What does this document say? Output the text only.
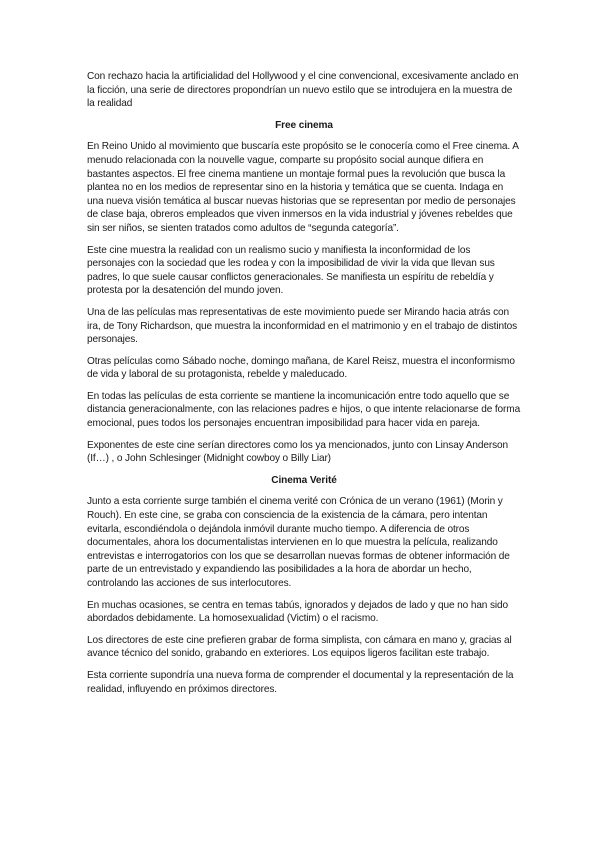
Con rechazo hacia la artificialidad del Hollywood y el cine convencional, excesivamente anclado en la ficción, una serie de directores propondrían un nuevo estilo que se introdujera en la muestra de la realidad

Free cinema

En Reino Unido al movimiento que buscaría este propósito se le conocería como el Free cinema. A menudo relacionada con la nouvelle vague, comparte su propósito social aunque difiera en bastantes aspectos. El free cinema mantiene un montaje formal pues la revolución que busca la plantea no en los medios de representar sino en la historia y temática que se cuenta. Indaga en una nueva visión temática al buscar nuevas historias que se representan por medio de personajes de clase baja, obreros empleados que viven inmersos en la vida industrial y jóvenes rebeldes que sin ser niños, se sienten tratados como adultos de “segunda categoría”.

Este cine muestra la realidad con un realismo sucio y manifiesta la inconformidad de los personajes con la sociedad que les rodea y con la imposibilidad de vivir la vida que llevan sus padres, lo que suele causar conflictos generacionales. Se manifiesta un espíritu de rebeldía y protesta por la desatención del mundo joven.

Una de las películas mas representativas de este movimiento puede ser Mirando hacia atrás con ira, de Tony Richardson, que muestra la inconformidad en el matrimonio y en el trabajo de distintos personajes.

Otras películas como Sábado noche, domingo mañana, de Karel Reisz, muestra el inconformismo de vida y laboral de su protagonista, rebelde y maleducado.

En todas las películas de esta corriente se mantiene la incomunicación entre todo aquello que se distancia generacionalmente, con las relaciones padres e hijos, o que intente relacionarse de forma emocional, pues todos los personajes encuentran imposibilidad para hacer vida en pareja.

Exponentes de este cine serían directores como los ya mencionados, junto con Linsay Anderson (If…) , o John Schlesinger (Midnight cowboy o Billy Liar)

Cinema Verité

Junto a esta corriente surge también el cinema verité con Crónica de un verano (1961) (Morin y Rouch). En este cine, se graba con consciencia de la existencia de la cámara, pero intentan evitarla, escondiéndola o dejándola inmóvil durante mucho tiempo. A diferencia de otros documentales, ahora los documentalistas intervienen en lo que muestra la película, realizando entrevistas e interrogatorios con los que se desarrollan nuevas formas de obtener información de parte de un entrevistado y expandiendo las posibilidades a la hora de abordar un hecho, controlando las acciones de sus interlocutores.

En muchas ocasiones, se centra en temas tabús, ignorados y dejados de lado y que no han sido abordados debidamente. La homosexualidad (Victim) o el racismo.

Los directores de este cine prefieren grabar de forma simplista, con cámara en mano y, gracias al avance técnico del sonido, grabando en exteriores. Los equipos ligeros facilitan este trabajo.

Esta corriente supondría una nueva forma de comprender el documental y la representación de la realidad, influyendo en próximos directores.
